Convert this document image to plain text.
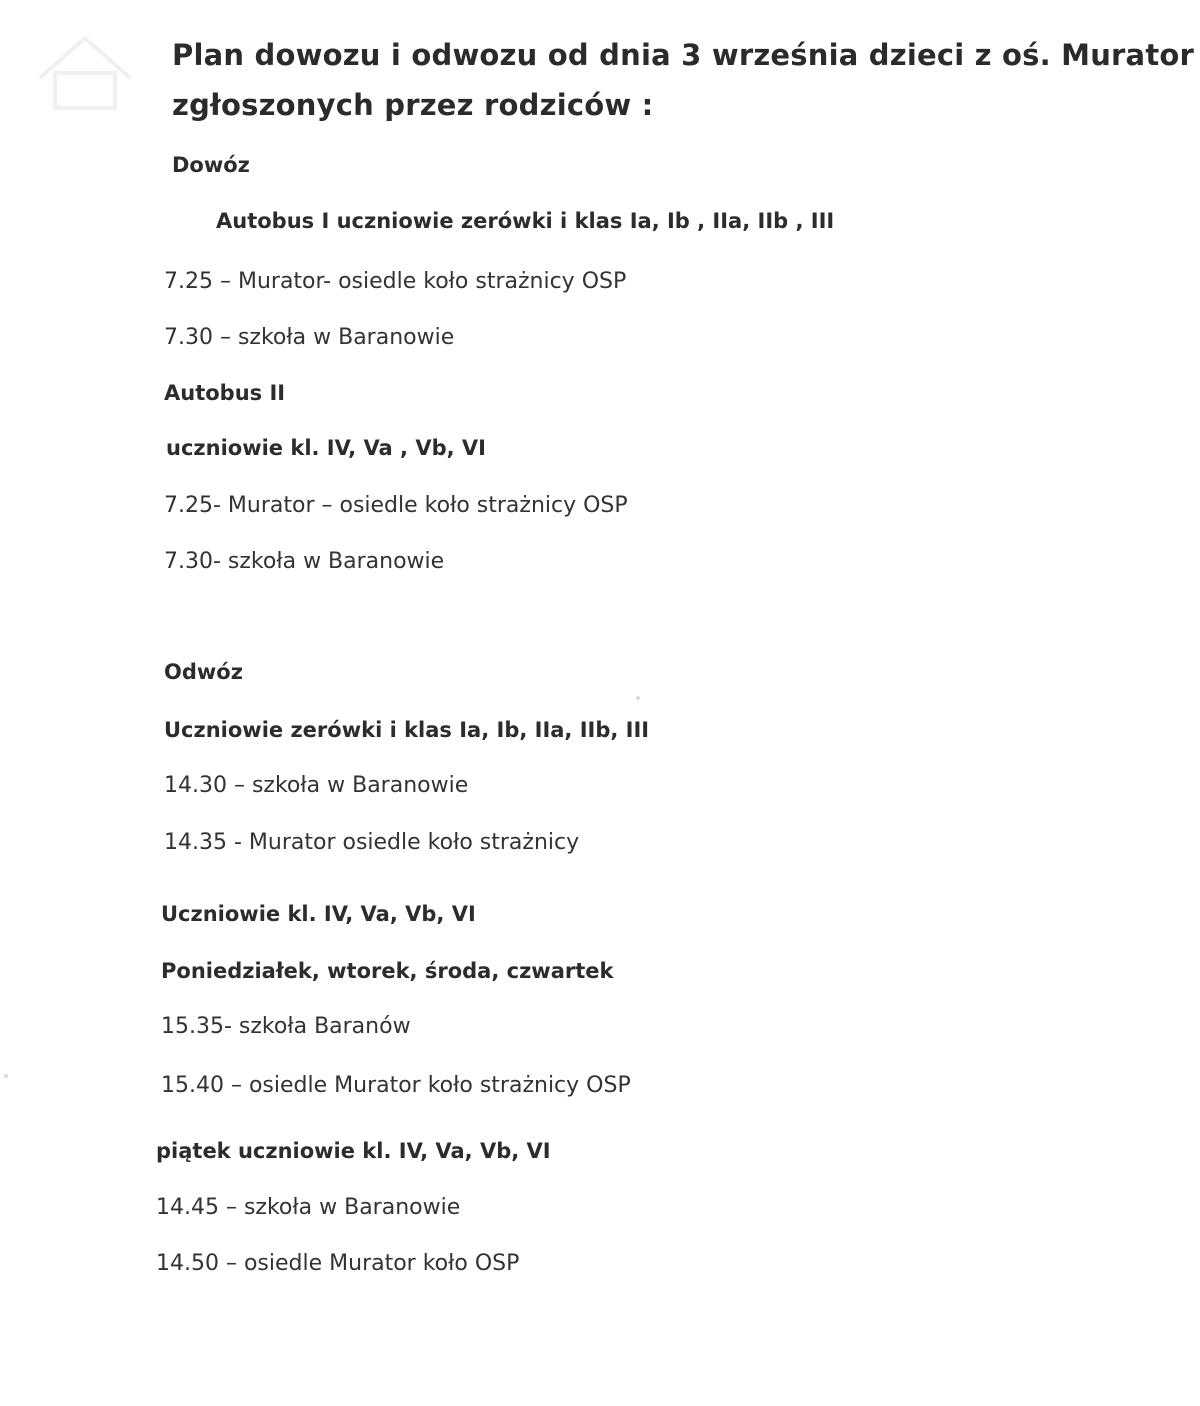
Plan dowozu i odwozu od dnia 3 września dzieci z oś. Murator
zgłoszonych przez rodziców :
Dowóz
Autobus I uczniowie zerówki i klas Ia, Ib , IIa, IIb , III
7.25 – Murator- osiedle koło strażnicy OSP
7.30 – szkoła w Baranowie
Autobus II
uczniowie kl. IV, Va , Vb, VI
7.25- Murator – osiedle koło strażnicy OSP
7.30- szkoła w Baranowie
Odwóz
Uczniowie zerówki i klas Ia, Ib, IIa, IIb, III
14.30 – szkoła w Baranowie
14.35 - Murator osiedle koło strażnicy
Uczniowie kl. IV, Va, Vb, VI
Poniedziałek, wtorek, środa, czwartek
15.35- szkoła Baranów
15.40 – osiedle Murator koło strażnicy OSP
piątek uczniowie kl. IV, Va, Vb, VI
14.45 – szkoła w Baranowie
14.50 – osiedle Murator koło OSP
